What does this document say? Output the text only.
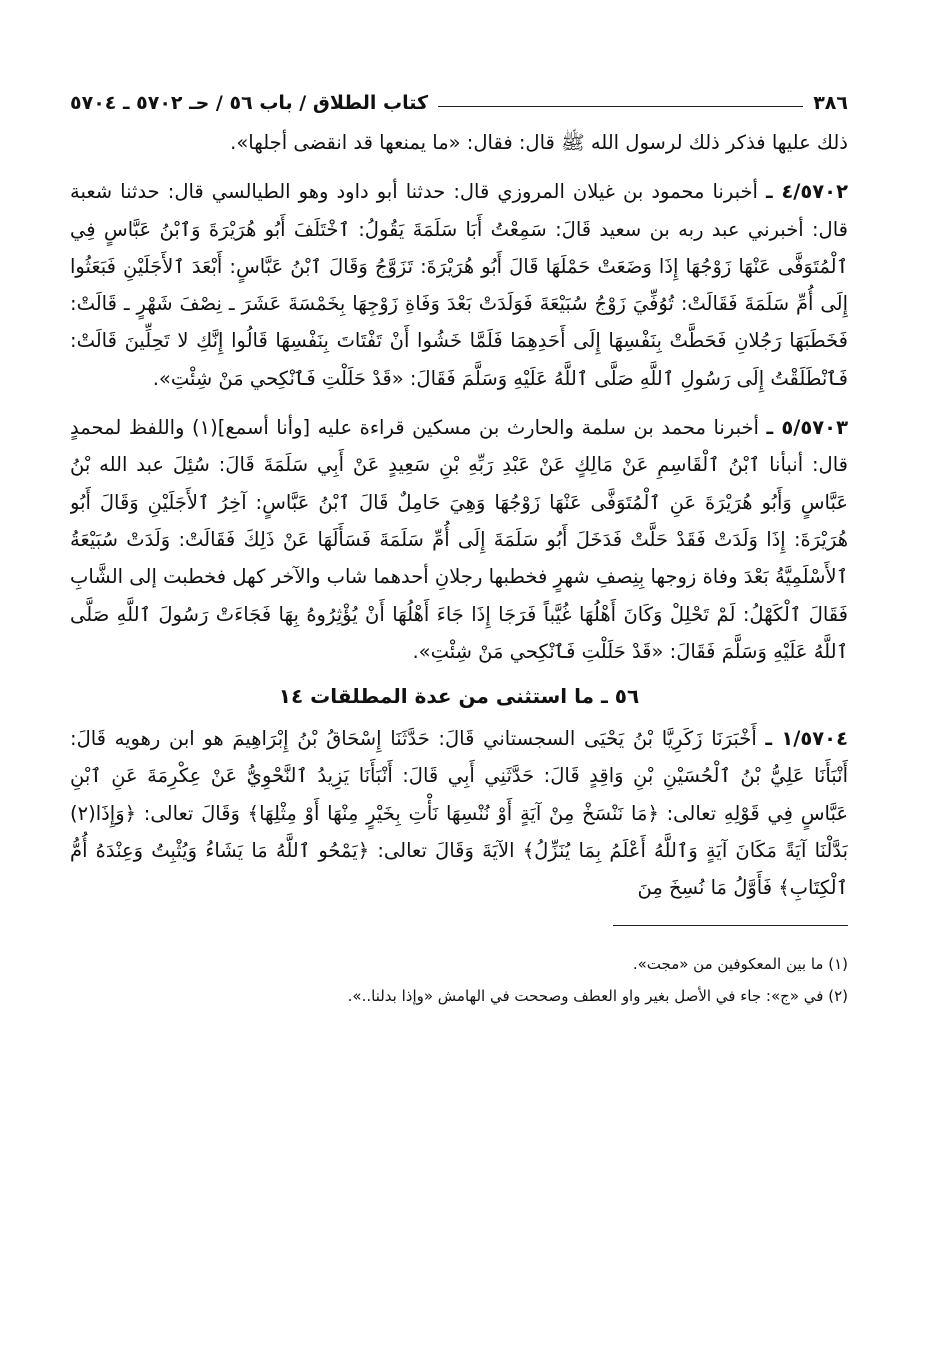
٣٨٦
كتاب الطلاق / باب ٥٦ / حـ ٥٧٠٢ ـ ٥٧٠٤

ذلك عليها فذكر ذلك لرسول الله ﷺ قال: فقال: «ما يمنعها قد انقضى أجلها».

٤/٥٧٠٢ ـ أخبرنا محمود بن غيلان المروزي قال: حدثنا أبو داود وهو الطيالسي قال: حدثنا شعبة قال: أخبرني عبد ربه بن سعيد قَالَ: سَمِعْتُ أَبَا سَلَمَةَ يَقُولُ: ٱخْتَلَفَ أَبُو هُرَيْرَةَ وَٱبْنُ عَبَّاسٍ فِي ٱلْمُتَوَفَّى عَنْهَا زَوْجُهَا إِذَا وَضَعَتْ حَمْلَهَا قَالَ أَبُو هُرَيْرَةَ: تَزَوَّجُ وَقَالَ ٱبْنُ عَبَّاسٍ: أَبْعَدَ ٱلأَجَلَيْنِ فَبَعَثُوا إِلَى أُمِّ سَلَمَةَ فَقَالَتْ: تُوُفِّيَ زَوْجُ سُبَيْعَةَ فَوَلَدَتْ بَعْدَ وَفَاةِ زَوْجِهَا بِخَمْسَةَ عَشَرَ ـ نِصْفَ شَهْرٍ ـ قَالَتْ: فَخَطَبَهَا رَجُلانِ فَحَطَّتْ بِنَفْسِهَا إِلَى أَحَدِهِمَا فَلَمَّا خَشُوا أَنْ تَفْتَاتَ بِنَفْسِهَا قَالُوا إِنَّكِ لا تَحِلِّينَ قَالَتْ: فَٱنْطَلَقْتُ إِلَى رَسُولِ ٱللَّهِ صَلَّى ٱللَّهُ عَلَيْهِ وَسَلَّمَ فَقَالَ: «قَدْ حَلَلْتِ فَٱنْكِحي مَنْ شِئْتِ».

٥/٥٧٠٣ ـ أخبرنا محمد بن سلمة والحارث بن مسكين قراءة عليه [وأنا أسمع](١) واللفظ لمحمدٍ قال: أنبأنا ٱبْنُ ٱلْقَاسِمِ عَنْ مَالِكٍ عَنْ عَبْدِ رَبِّهِ بْنِ سَعِيدٍ عَنْ أَبِي سَلَمَةَ قَالَ: سُئِلَ عبد الله بْنُ عَبَّاسٍ وَأَبُو هُرَيْرَةَ عَنِ ٱلْمُتَوَفَّى عَنْهَا زَوْجُهَا وَهِيَ حَامِلٌ قَالَ ٱبْنُ عَبَّاسٍ: آخِرُ ٱلأَجَلَيْنِ وَقَالَ أَبُو هُرَيْرَةَ: إِذَا وَلَدَتْ فَقَدْ حَلَّتْ فَدَخَلَ أَبُو سَلَمَةَ إِلَى أُمِّ سَلَمَةَ فَسَأَلَهَا عَنْ ذَلِكَ فَقَالَتْ: وَلَدَتْ سُبَيْعَةُ ٱلأَسْلَمِيَّةُ بَعْدَ وفاة زوجها بِنِصفِ شهرٍ فخطبها رجلانِ أحدهما شاب والآخر كهل فخطبت إلى الشَّابِ فَقَالَ ٱلْكَهْلُ: لَمْ تَحْلِلْ وَكَانَ أَهْلُهَا غُيَّباً فَرَجَا إِذَا جَاءَ أَهْلُهَا أَنْ يُؤْثِرُوهُ بِهَا فَجَاءَتْ رَسُولَ ٱللَّهِ صَلَّى ٱللَّهُ عَلَيْهِ وَسَلَّمَ فَقَالَ: «قَدْ حَلَلْتِ فَٱنْكِحي مَنْ شِئْتِ».

٥٦ ـ ما استثنى من عدة المطلقات ١٤

١/٥٧٠٤ ـ أَخْبَرَنَا زَكَرِيَّا بْنُ يَحْيَى السجستاني قَالَ: حَدَّثَنَا إِسْحَاقُ بْنُ إِبْرَاهِيمَ هو ابن رهويه قَالَ: أَنْبَأَنَا عَلِيُّ بْنُ ٱلْحُسَيْنِ بْنِ وَاقِدٍ قَالَ: حَدَّثَنِي أَبِي قَالَ: أَنْبَأَنَا يَزِيدُ ٱلنَّحْوِيُّ عَنْ عِكْرِمَةَ عَنِ ٱبْنِ عَبَّاسٍ فِي قَوْلِهِ تعالى: ﴿مَا نَنْسَخْ مِنْ آيَةٍ أَوْ نُنْسِهَا نَأْتِ بِخَيْرٍ مِنْهَا أَوْ مِثْلِهَا﴾ وَقَالَ تعالى: ﴿وَإِذَا(٢) بَدَّلْنَا آيَةً مَكَانَ آيَةٍ وَٱللَّهُ أَعْلَمُ بِمَا يُنَزِّلُ﴾ الآيَةَ وَقَالَ تعالى: ﴿يَمْحُو ٱللَّهُ مَا يَشَاءُ وَيُثْبِتُ وَعِنْدَهُ أُمُّ ٱلْكِتَابِ﴾ فَأَوَّلُ مَا نُسِخَ مِنَ

(١) ما بين المعكوفين من «مجت».

(٢) في «ج»: جاء في الأصل بغير واو العطف وصححت في الهامش «وإذا بدلنا..».
